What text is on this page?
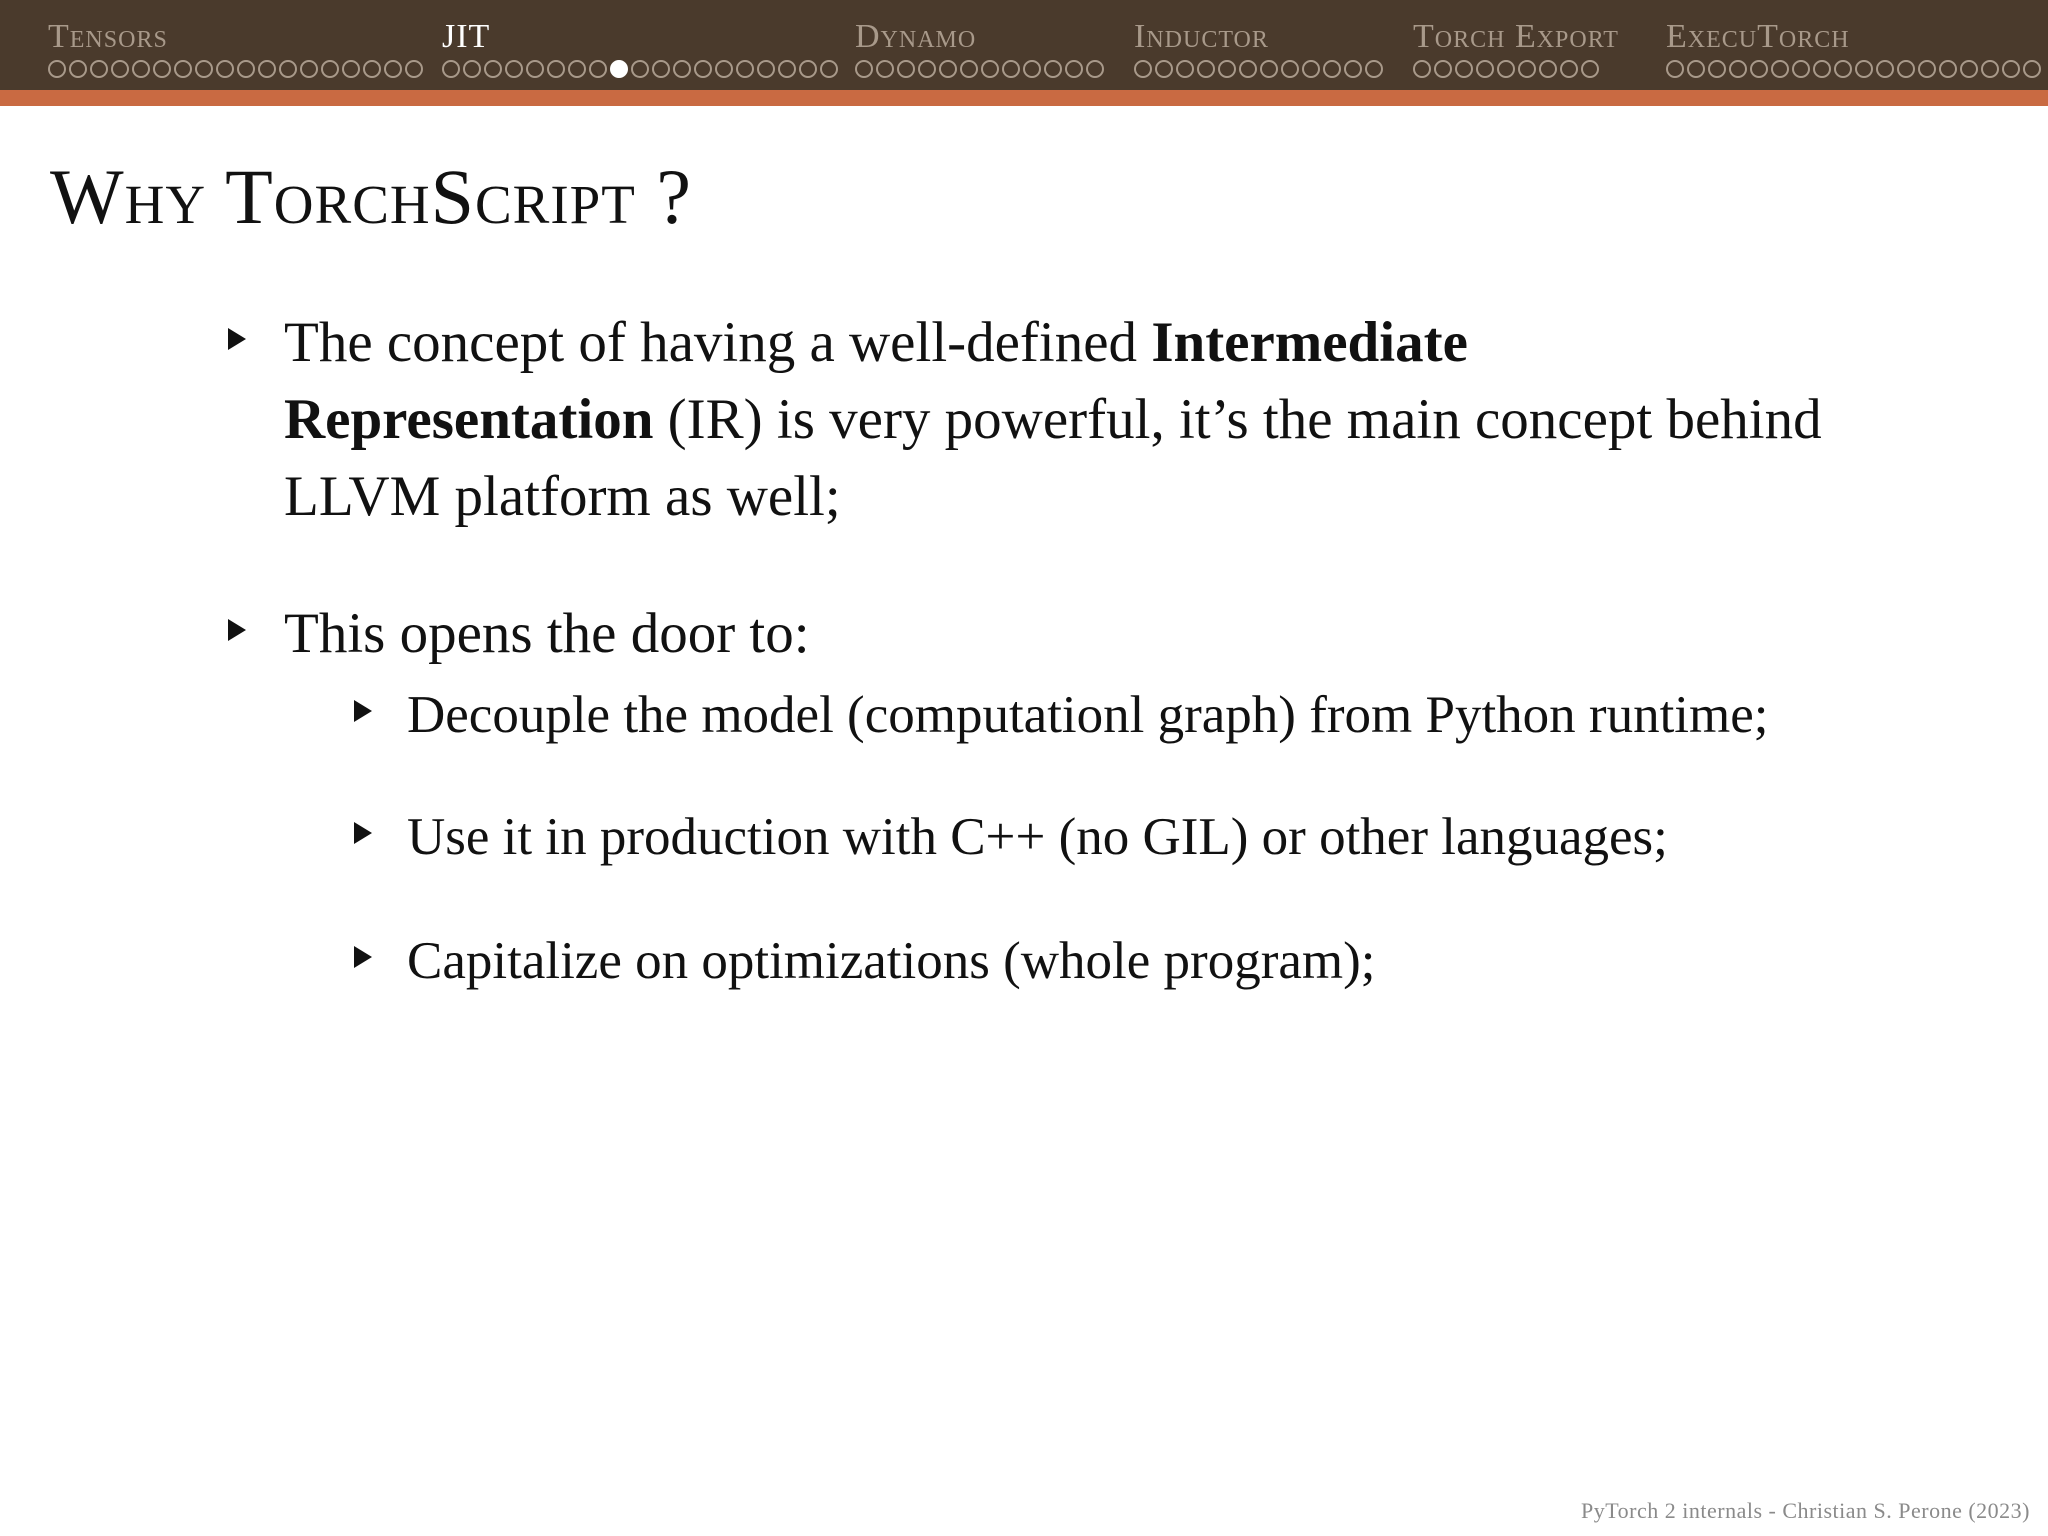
Tensors	JIT	Dynamo	Inductor	Torch Export ExecuTorch
Why TorchScript ?
The concept of having a well-defined Intermediate Representation (IR) is very powerful, it’s the main concept behind LLVM platform as well;
This opens the door to:
Decouple the model (computationl graph) from Python runtime;
Use it in production with C++ (no GIL) or other languages;
Capitalize on optimizations (whole program);
PyTorch 2 internals - Christian S. Perone (2023)
